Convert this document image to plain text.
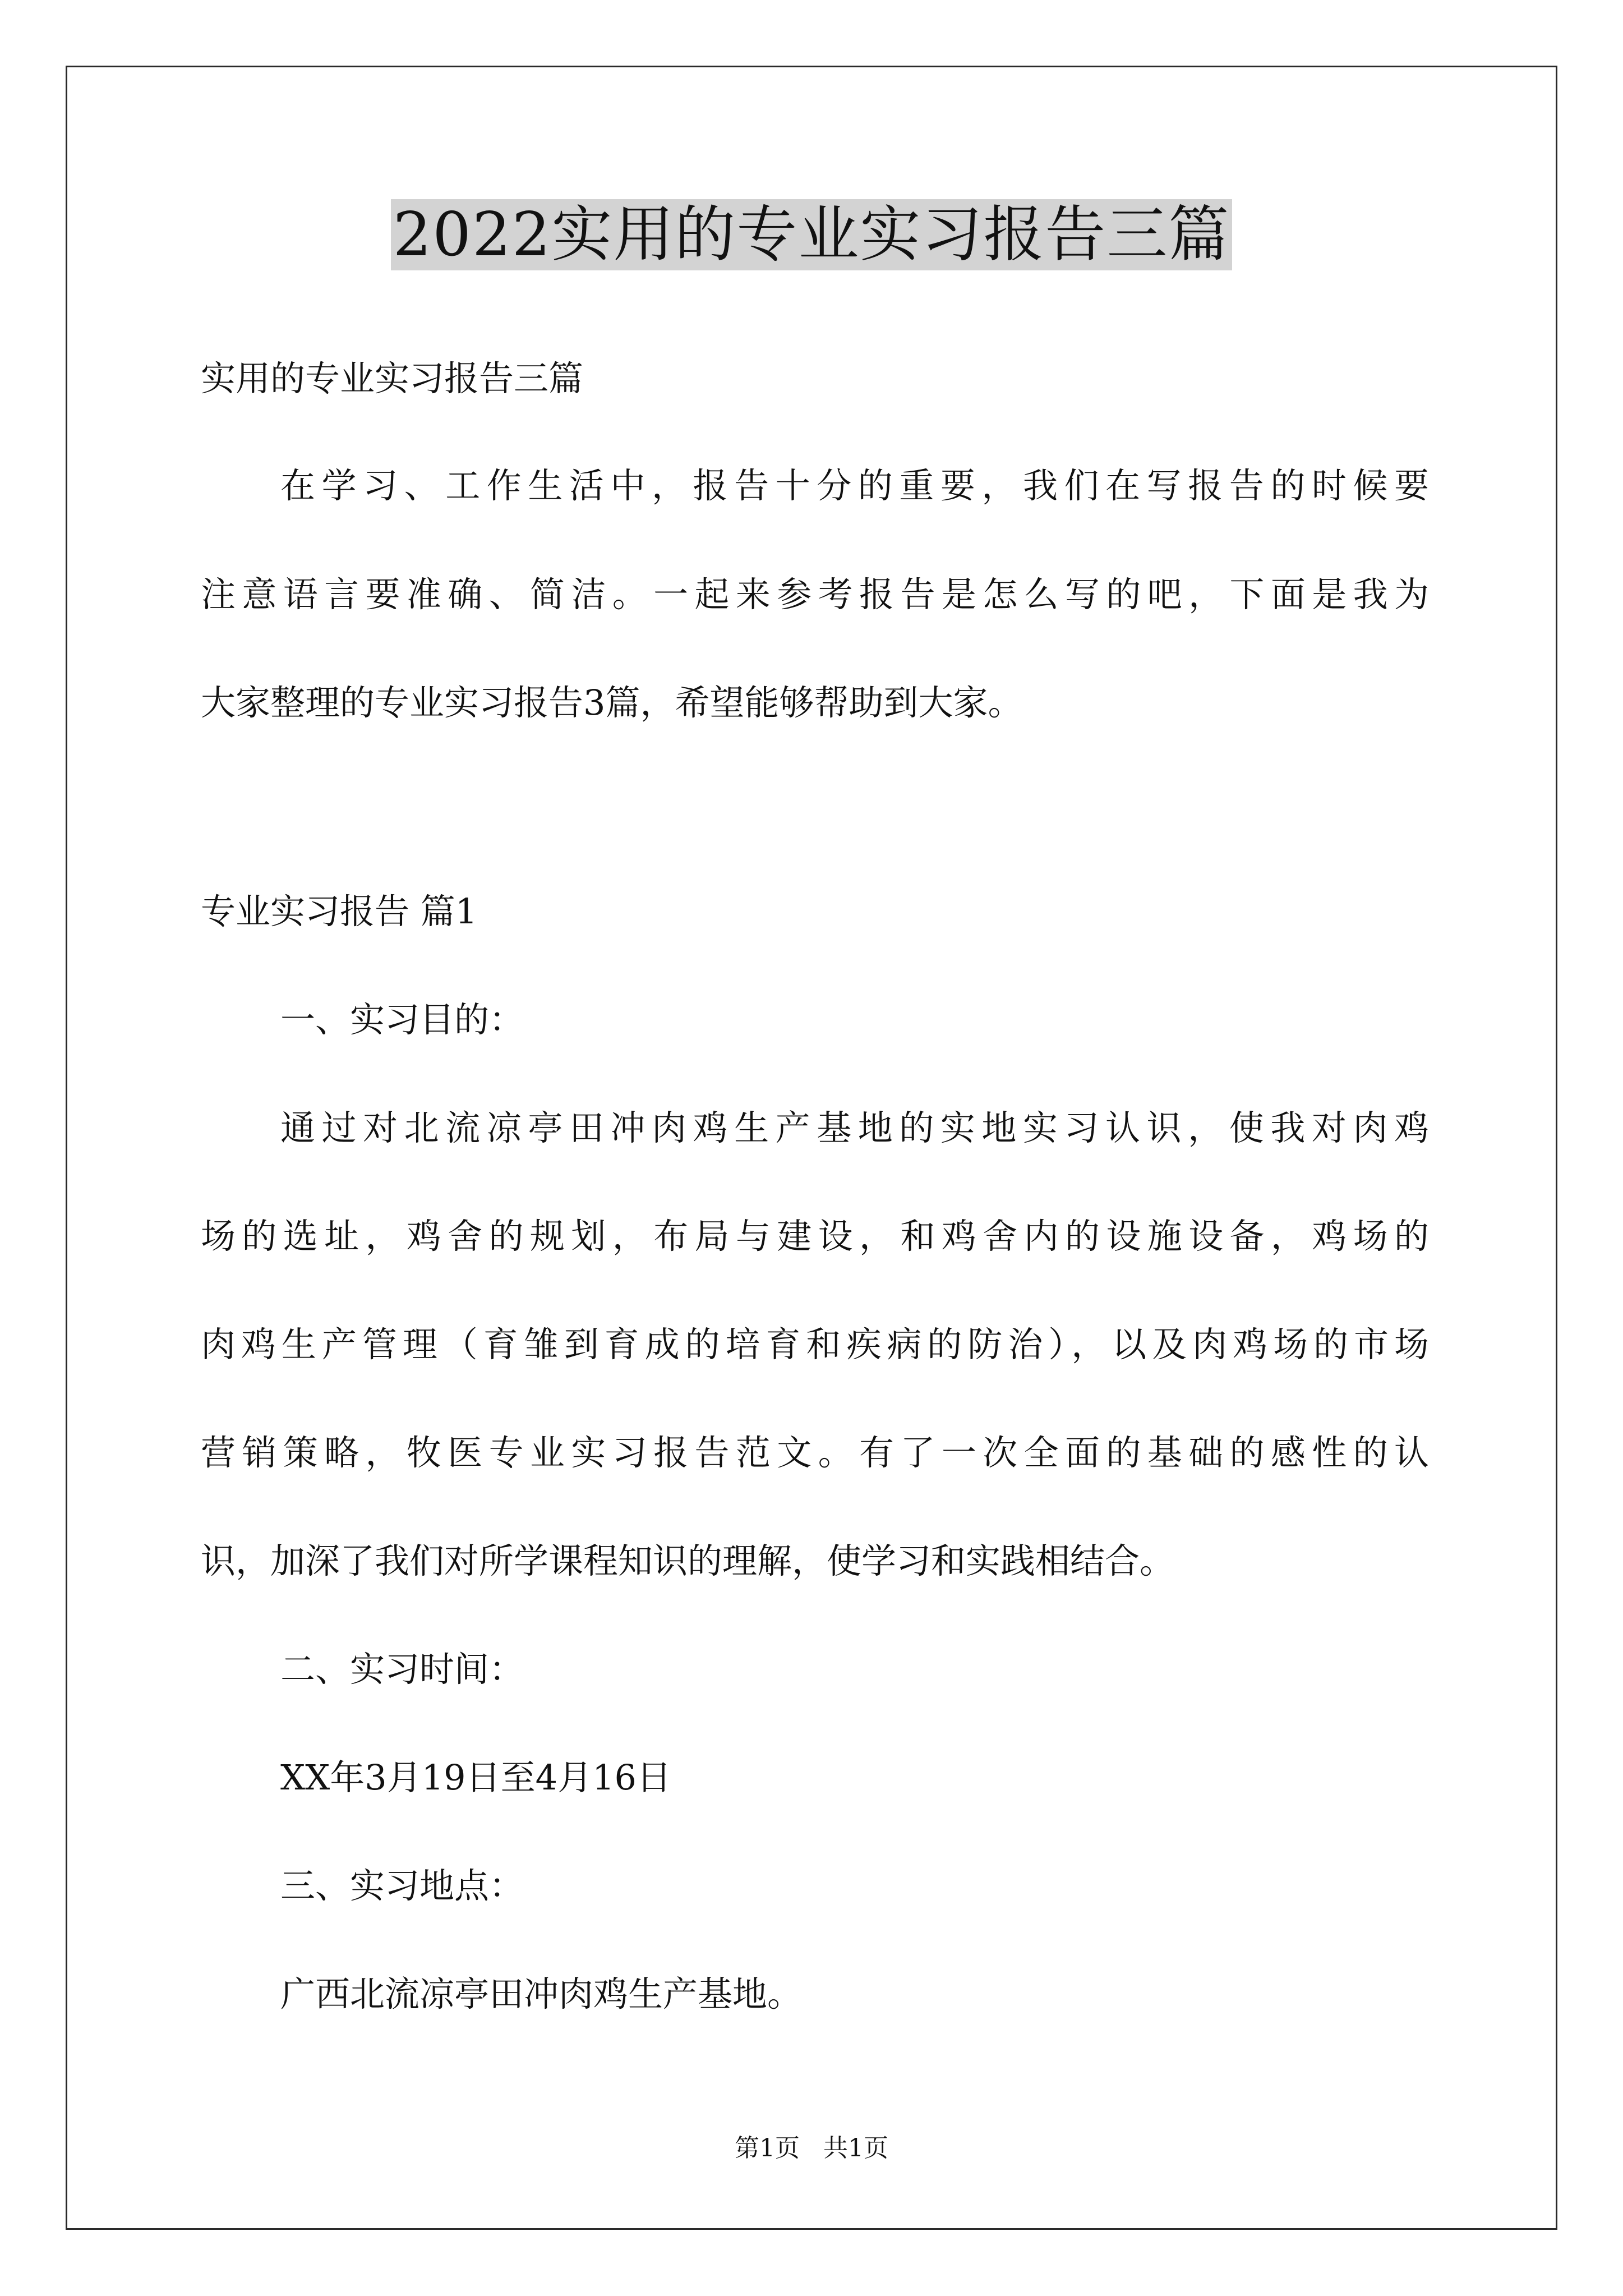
2022实用的专业实习报告三篇
实用的专业实习报告三篇
在学习、工作生活中，报告十分的重要，我们在写报告的时候要
注意语言要准确、简洁。一起来参考报告是怎么写的吧，下面是我为
大家整理的专业实习报告3篇，希望能够帮助到大家。
专业实习报告 篇1
一、实习目的：
通过对北流凉亭田冲肉鸡生产基地的实地实习认识，使我对肉鸡
场的选址，鸡舍的规划，布局与建设，和鸡舍内的设施设备，鸡场的
肉鸡生产管理（育雏到育成的培育和疾病的防治），以及肉鸡场的市场
营销策略，牧医专业实习报告范文。有了一次全面的基础的感性的认
识，加深了我们对所学课程知识的理解，使学习和实践相结合。
二、实习时间：
XX年3月19日至4月16日
三、实习地点：
广西北流凉亭田冲肉鸡生产基地。
第1页   共1页
